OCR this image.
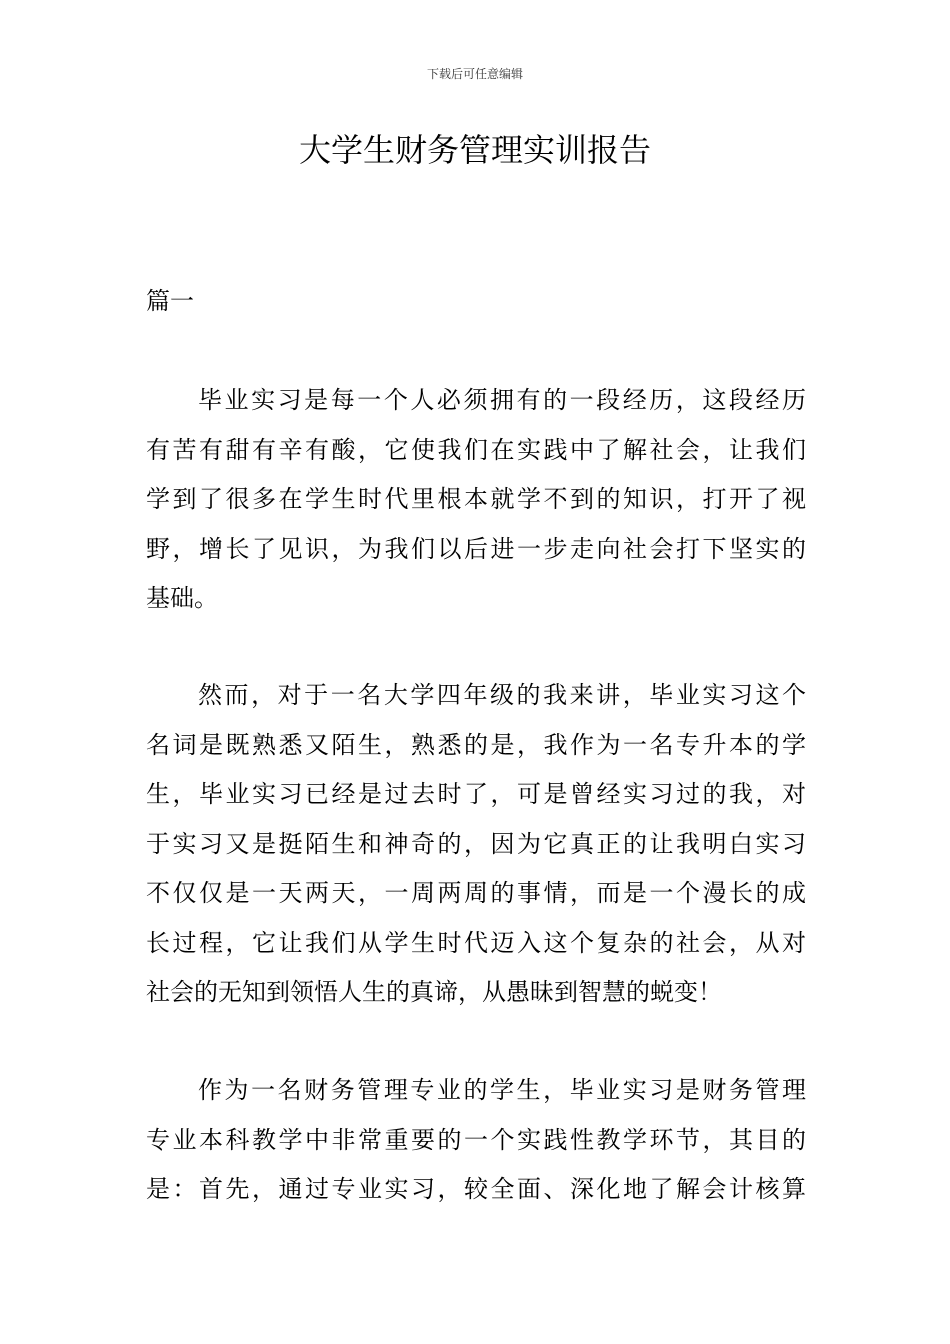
下载后可任意编辑
大学生财务管理实训报告
篇一
毕业实习是每一个人必须拥有的一段经历，这段经历
有苦有甜有辛有酸，它使我们在实践中了解社会，让我们
学到了很多在学生时代里根本就学不到的知识，打开了视
野，增长了见识，为我们以后进一步走向社会打下坚实的
基础。
然而，对于一名大学四年级的我来讲，毕业实习这个
名词是既熟悉又陌生，熟悉的是，我作为一名专升本的学
生，毕业实习已经是过去时了，可是曾经实习过的我，对
于实习又是挺陌生和神奇的，因为它真正的让我明白实习
不仅仅是一天两天，一周两周的事情，而是一个漫长的成
长过程，它让我们从学生时代迈入这个复杂的社会，从对
社会的无知到领悟人生的真谛，从愚昧到智慧的蜕变！
作为一名财务管理专业的学生，毕业实习是财务管理
专业本科教学中非常重要的一个实践性教学环节，其目的
是：首先，通过专业实习，较全面、深化地了解会计核算
